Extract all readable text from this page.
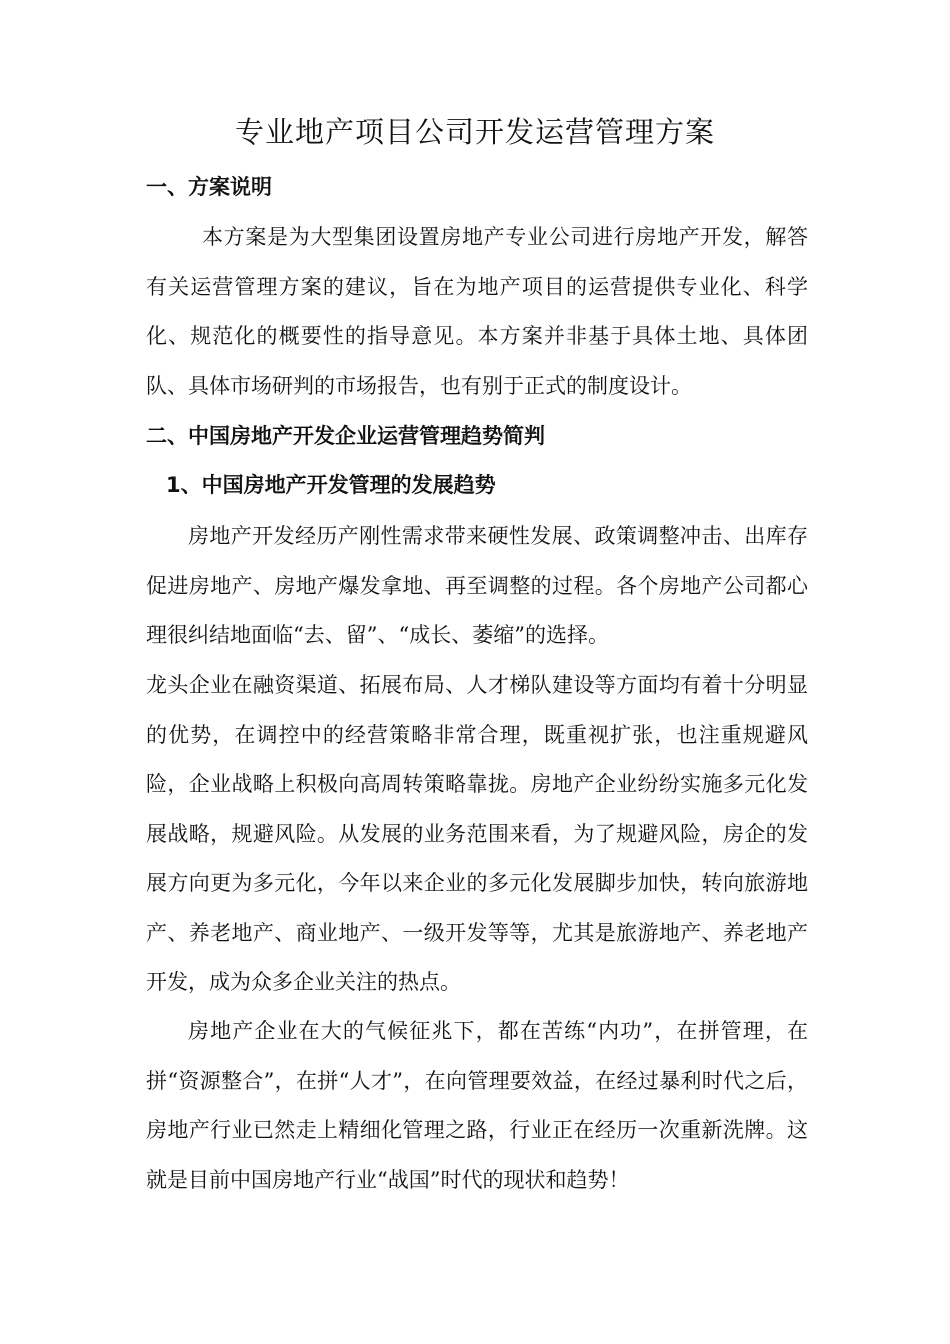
专业地产项目公司开发运营管理方案
一、方案说明

本方案是为大型集团设置房地产专业公司进行房地产开发，解答有关运营管理方案的建议，旨在为地产项目的运营提供专业化、科学化、规范化的概要性的指导意见。本方案并非基于具体土地、具体团队、具体市场研判的市场报告，也有别于正式的制度设计。

二、中国房地产开发企业运营管理趋势简判
1、中国房地产开发管理的发展趋势

房地产开发经历产刚性需求带来硬性发展、政策调整冲击、出库存促进房地产、房地产爆发拿地、再至调整的过程。各个房地产公司都心理很纠结地面临“去、留”、“成长、萎缩”的选择。

龙头企业在融资渠道、拓展布局、人才梯队建设等方面均有着十分明显的优势，在调控中的经营策略非常合理，既重视扩张，也注重规避风险，企业战略上积极向高周转策略靠拢。房地产企业纷纷实施多元化发展战略，规避风险。从发展的业务范围来看，为了规避风险，房企的发展方向更为多元化，今年以来企业的多元化发展脚步加快，转向旅游地产、养老地产、商业地产、一级开发等等，尤其是旅游地产、养老地产开发，成为众多企业关注的热点。

房地产企业在大的气候征兆下，都在苦练“内功”，在拼管理，在拼“资源整合”，在拼“人才”，在向管理要效益，在经过暴利时代之后，房地产行业已然走上精细化管理之路，行业正在经历一次重新洗牌。这就是目前中国房地产行业“战国”时代的现状和趋势！
